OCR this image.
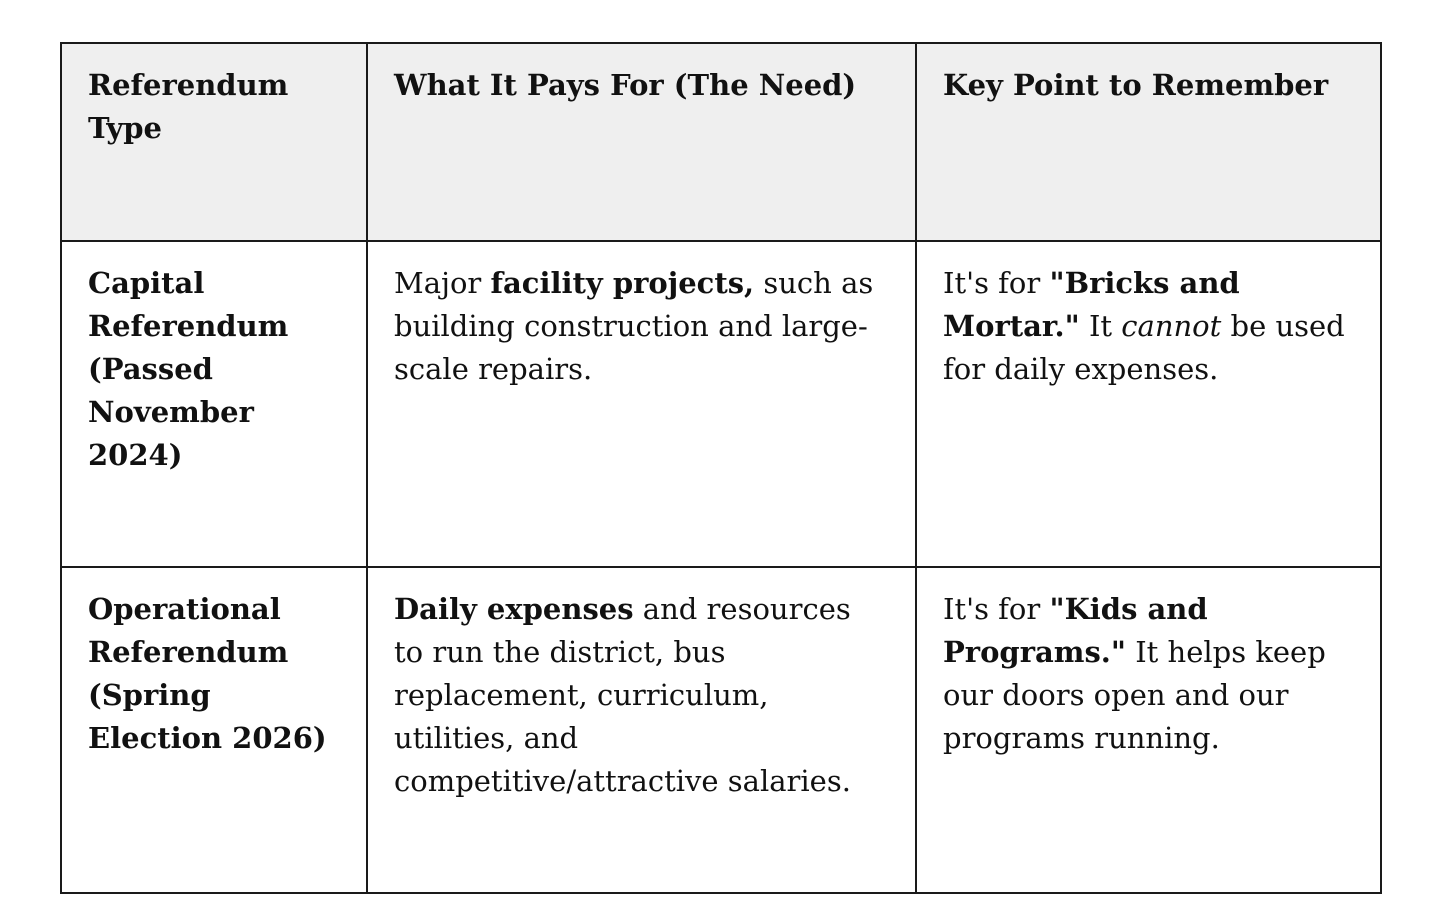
Referendum Type	What It Pays For (The Need)	Key Point to Remember
Capital Referendum (Passed November 2024)	Major facility projects, such as building construction and large-scale repairs.	It's for "Bricks and Mortar." It cannot be used for daily expenses.
Operational Referendum (Spring Election 2026)	Daily expenses and resources to run the district, bus replacement, curriculum, utilities, and competitive/attractive salaries.	It's for "Kids and Programs." It helps keep our doors open and our programs running.
